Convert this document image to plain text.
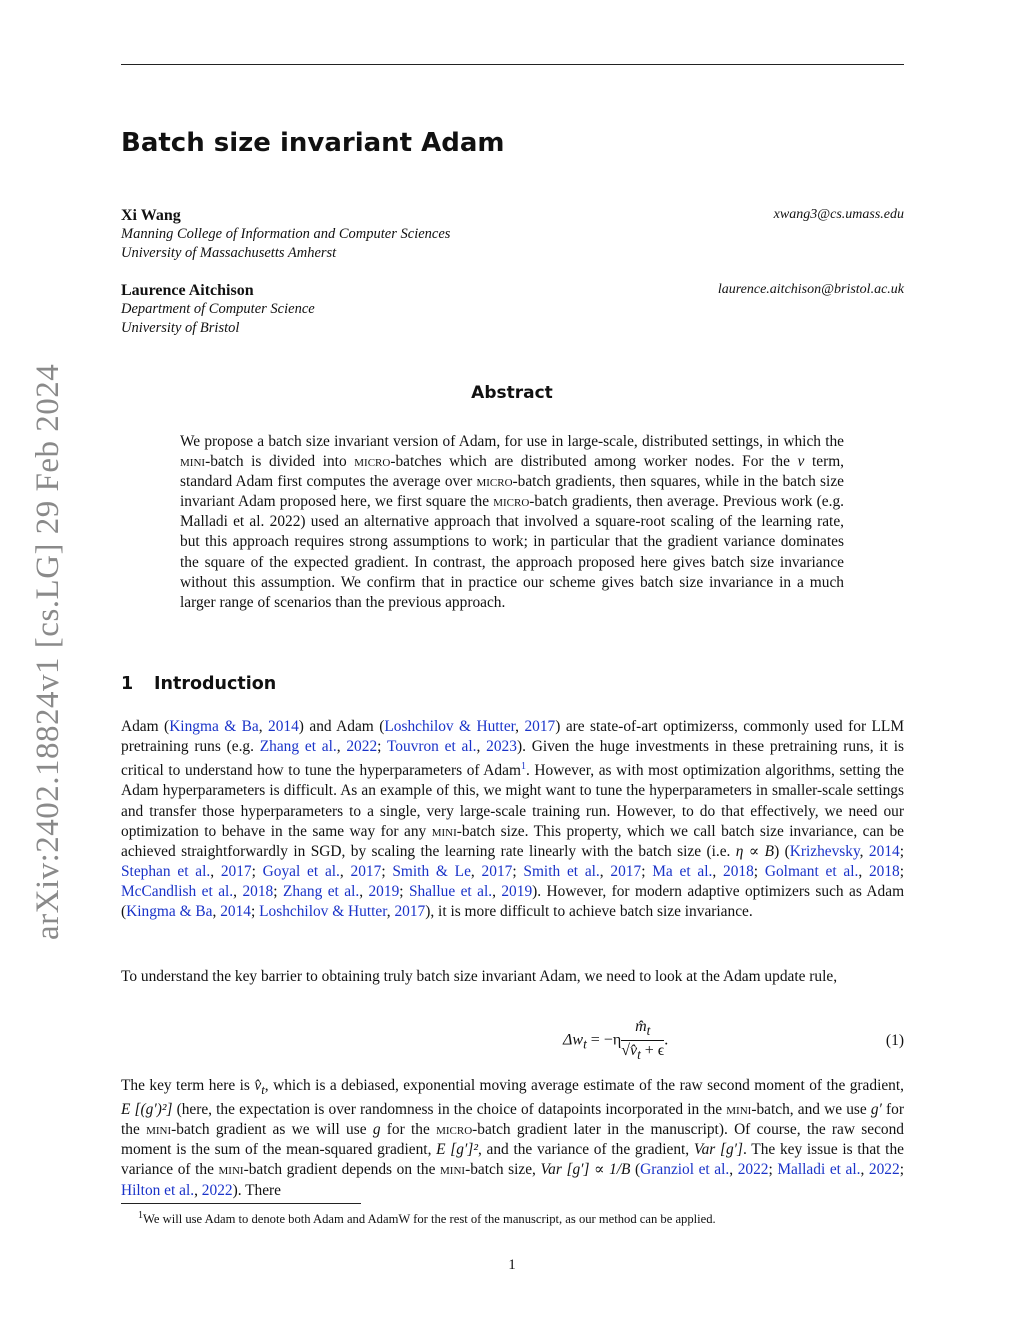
arXiv:2402.18824v1 [cs.LG] 29 Feb 2024
Batch size invariant Adam
Xi Wang	xwang3@cs.umass.edu
Manning College of Information and Computer Sciences
University of Massachusetts Amherst
Laurence Aitchison	laurence.aitchison@bristol.ac.uk
Department of Computer Science
University of Bristol
Abstract
We propose a batch size invariant version of Adam, for use in large-scale, distributed settings, in which the mini-batch is divided into micro-batches which are distributed among worker nodes. For the v term, standard Adam first computes the average over micro-batch gradients, then squares, while in the batch size invariant Adam proposed here, we first square the micro-batch gradients, then average. Previous work (e.g. Malladi et al. 2022) used an alternative approach that involved a square-root scaling of the learning rate, but this approach requires strong assumptions to work; in particular that the gradient variance dominates the square of the expected gradient. In contrast, the approach proposed here gives batch size invariance without this assumption. We confirm that in practice our scheme gives batch size invariance in a much larger range of scenarios than the previous approach.
1 Introduction
Adam (Kingma & Ba, 2014) and Adam (Loshchilov & Hutter, 2017) are state-of-art optimizerss, commonly used for LLM pretraining runs (e.g. Zhang et al., 2022; Touvron et al., 2023). Given the huge investments in these pretraining runs, it is critical to understand how to tune the hyperparameters of Adam$^1$. However, as with most optimization algorithms, setting the Adam hyperparameters is difficult. As an example of this, we might want to tune the hyperparameters in smaller-scale settings and transfer those hyperparameters to a single, very large-scale training run. However, to do that effectively, we need our optimization to behave in the same way for any mini-batch size. This property, which we call batch size invariance, can be achieved straightforwardly in SGD, by scaling the learning rate linearly with the batch size (i.e. η ∝ B) (Krizhevsky, 2014; Stephan et al., 2017; Goyal et al., 2017; Smith & Le, 2017; Smith et al., 2017; Ma et al., 2018; Golmant et al., 2018; McCandlish et al., 2018; Zhang et al., 2019; Shallue et al., 2019). However, for modern adaptive optimizers such as Adam (Kingma & Ba, 2014; Loshchilov & Hutter, 2017), it is more difficult to achieve batch size invariance.
To understand the key barrier to obtaining truly batch size invariant Adam, we need to look at the Adam update rule,
$\Delta w_t = -\eta \frac{m̂_t}{√v̂_t + \epsilon}$ .	(1)
The key term here is $v̂_t$, which is a debiased, exponential moving average estimate of the raw second moment of the gradient, E [(g′)²] (here, the expectation is over randomness in the choice of datapoints incorporated in the mini-batch, and we use g′ for the mini-batch gradient as we will use g for the micro-batch gradient later in the manuscript). Of course, the raw second moment is the sum of the mean-squared gradient, E [g′]², and the variance of the gradient, Var [g′]. The key issue is that the variance of the mini-batch gradient depends on the mini-batch size, Var [g′] ∝ 1/B (Granziol et al., 2022; Malladi et al., 2022; Hilton et al., 2022). There
$^1$We will use Adam to denote both Adam and AdamW for the rest of the manuscript, as our method can be applied.
1
